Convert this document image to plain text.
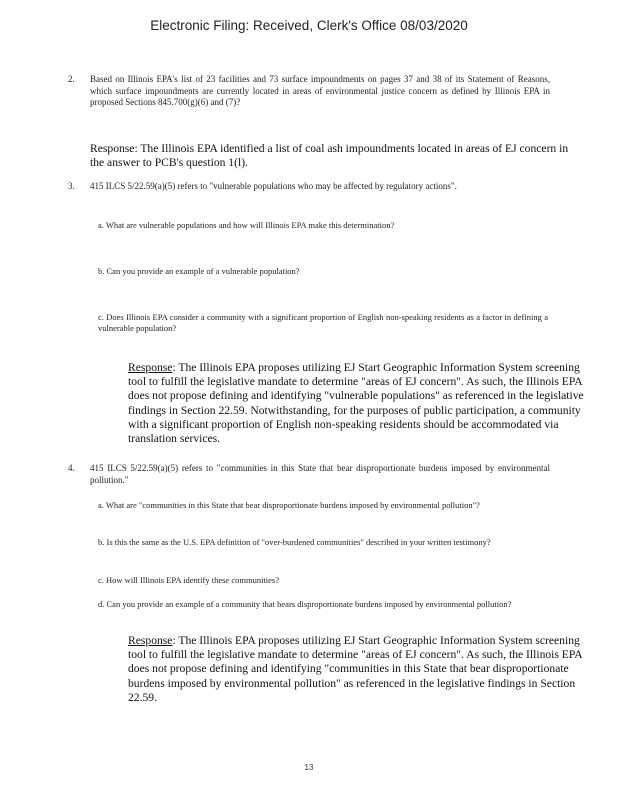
Electronic Filing: Received, Clerk's Office 08/03/2020
2. Based on Illinois EPA's list of 23 facilities and 73 surface impoundments on pages 37 and 38 of its Statement of Reasons, which surface impoundments are currently located in areas of environmental justice concern as defined by Illinois EPA in proposed Sections 845.700(g)(6) and (7)?
Response: The Illinois EPA identified a list of coal ash impoundments located in areas of EJ concern in the answer to PCB's question 1(l).
3. 415 ILCS 5/22.59(a)(5) refers to "vulnerable populations who may be affected by regulatory actions".
a. What are vulnerable populations and how will Illinois EPA make this determination?
b. Can you provide an example of a vulnerable population?
c. Does Illinois EPA consider a community with a significant proportion of English non-speaking residents as a factor in defining a vulnerable population?
Response: The Illinois EPA proposes utilizing EJ Start Geographic Information System screening tool to fulfill the legislative mandate to determine "areas of EJ concern". As such, the Illinois EPA does not propose defining and identifying "vulnerable populations" as referenced in the legislative findings in Section 22.59. Notwithstanding, for the purposes of public participation, a community with a significant proportion of English non-speaking residents should be accommodated via translation services.
4. 415 ILCS 5/22.59(a)(5) refers to "communities in this State that bear disproportionate burdens imposed by environmental pollution."
a. What are "communities in this State that bear disproportionate burdens imposed by environmental pollution"?
b. Is this the same as the U.S. EPA definition of "over-burdened communities" described in your written testimony?
c. How will Illinois EPA identify these communities?
d. Can you provide an example of a community that bears disproportionate burdens imposed by environmental pollution?
Response: The Illinois EPA proposes utilizing EJ Start Geographic Information System screening tool to fulfill the legislative mandate to determine "areas of EJ concern". As such, the Illinois EPA does not propose defining and identifying "communities in this State that bear disproportionate burdens imposed by environmental pollution" as referenced in the legislative findings in Section 22.59.
13
